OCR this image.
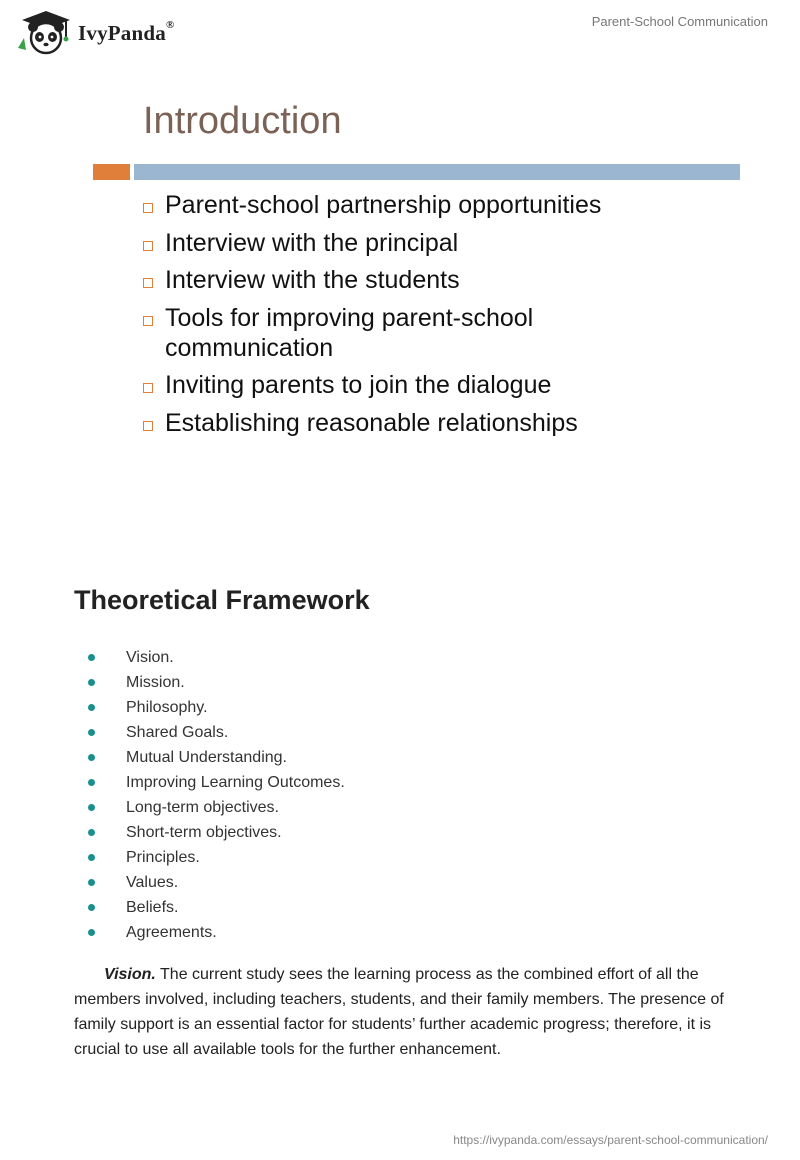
IvyPanda®	Parent-School Communication
Introduction
Parent-school partnership opportunities
Interview with the principal
Interview with the students
Tools for improving parent-school communication
Inviting parents to join the dialogue
Establishing reasonable relationships
Theoretical Framework
Vision.
Mission.
Philosophy.
Shared Goals.
Mutual Understanding.
Improving Learning Outcomes.
Long-term objectives.
Short-term objectives.
Principles.
Values.
Beliefs.
Agreements.

Vision. The current study sees the learning process as the combined effort of all the members involved, including teachers, students, and their family members. The presence of family support is an essential factor for students’ further academic progress; therefore, it is crucial to use all available tools for the further enhancement.

https://ivypanda.com/essays/parent-school-communication/
